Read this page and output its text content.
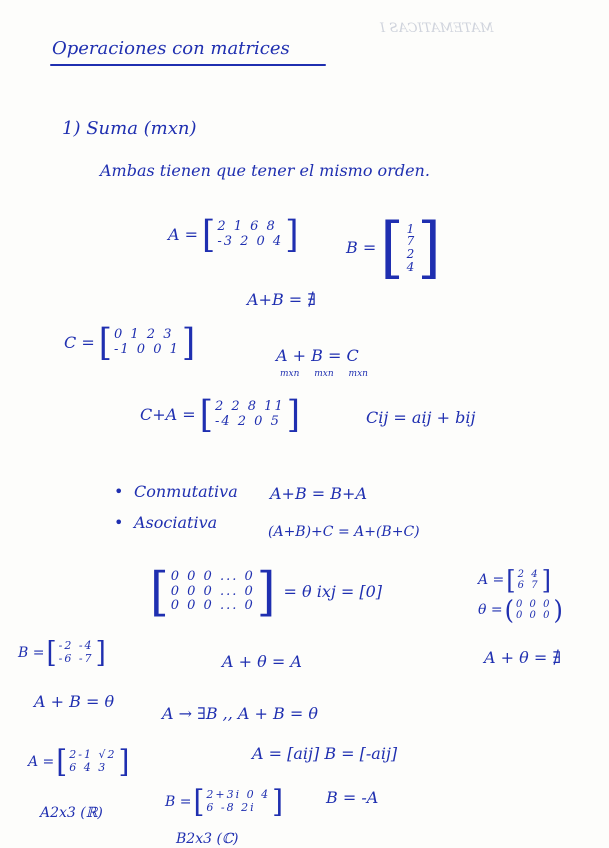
MATEMATICAS I
Operaciones con matrices
1) Suma (mxn)
Ambas tienen que tener el mismo orden.
A = [ 2 1 6 8
-3 2 0 4 ]	B = [ 1
7
2
4 ]
A+B = ∄
C = [ 0 1 2 3
-1 0 0 1 ]	A + B = C
mxn mxn mxn
C+A = [ 2 2 8 11
-4 2 0 5 ]	Cij = aij + bij
• Conmutativa A+B = B+A
• Asociativa	(A+B)+C = A+(B+C)
[ 0 0 0 ... 0
0 0 0 ... 0
0 0 0 ... 0 ] = θ ixj = [0]
A = [ 2 4
6 7 ]
θ = ( 0 0 0
0 0 0 )
B = [ -2 -4
-6 -7 ]	A + θ = A	A + θ = ∄
A + B = θ
A → ∃B ,, A + B = θ
A = [ 2-1 √2
6 4 3 ]	A = [aij] B = [-aij]
A2x3 (ℝ)
B = [ 2+3i 0 4
6 -8 2i ]	B = -A
B2x3 (ℂ)
